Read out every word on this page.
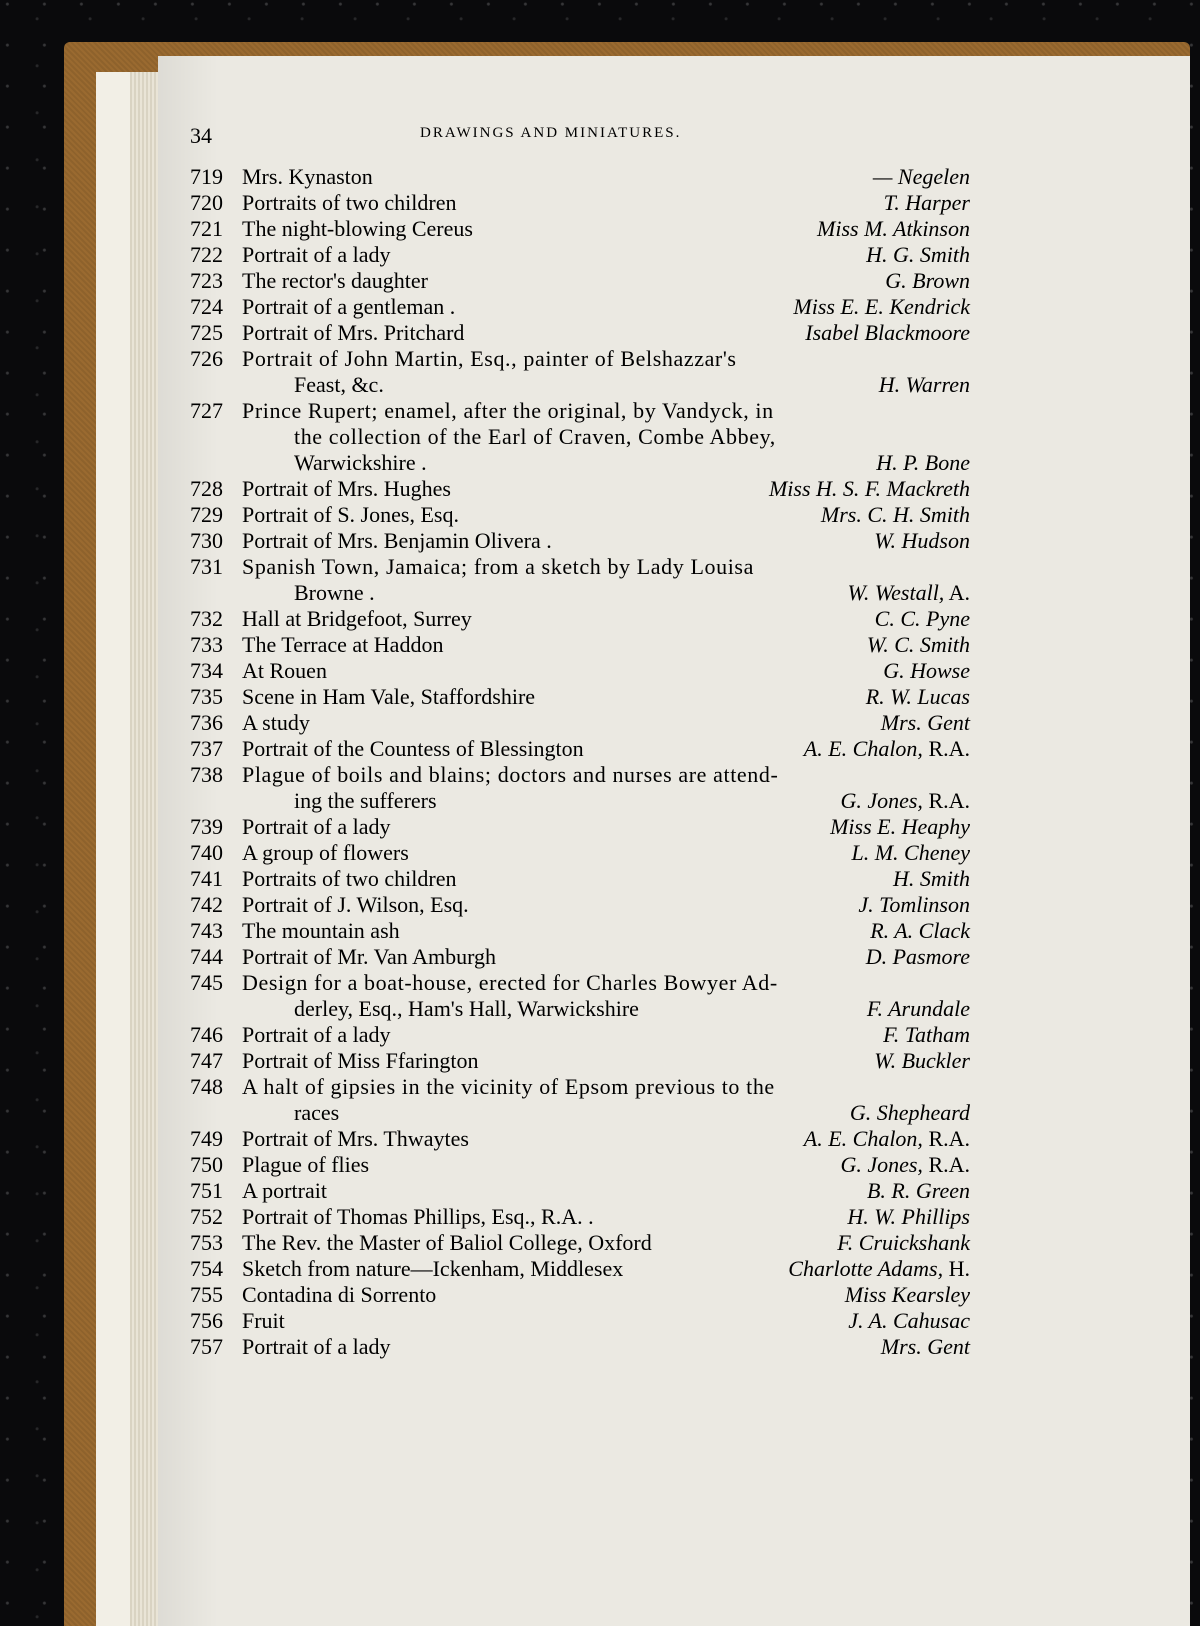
34	DRAWINGS AND MINIATURES.
719 Mrs. Kynaston	— Negelen
720 Portraits of two children	T. Harper
721 The night-blowing Cereus	Miss M. Atkinson
722 Portrait of a lady	H. G. Smith
723 The rector's daughter	G. Brown
724 Portrait of a gentleman .	Miss E. E. Kendrick
725 Portrait of Mrs. Pritchard	Isabel Blackmoore
726 Portrait of John Martin, Esq., painter of Belshazzar's
Feast, &c.	H. Warren
727 Prince Rupert; enamel, after the original, by Vandyck, in
the collection of the Earl of Craven, Combe Abbey,
Warwickshire .	H. P. Bone
728 Portrait of Mrs. Hughes	Miss H. S. F. Mackreth
729 Portrait of S. Jones, Esq.	Mrs. C. H. Smith
730 Portrait of Mrs. Benjamin Olivera .	W. Hudson
731 Spanish Town, Jamaica; from a sketch by Lady Louisa
Browne .	W. Westall, A.
732 Hall at Bridgefoot, Surrey	C. C. Pyne
733 The Terrace at Haddon	W. C. Smith
734 At Rouen	G. Howse
735 Scene in Ham Vale, Staffordshire	R. W. Lucas
736 A study	Mrs. Gent
737 Portrait of the Countess of Blessington	A. E. Chalon, R.A.
738 Plague of boils and blains; doctors and nurses are attend-
ing the sufferers	G. Jones, R.A.
739 Portrait of a lady	Miss E. Heaphy
740 A group of flowers	L. M. Cheney
741 Portraits of two children	H. Smith
742 Portrait of J. Wilson, Esq.	J. Tomlinson
743 The mountain ash	R. A. Clack
744 Portrait of Mr. Van Amburgh	D. Pasmore
745 Design for a boat-house, erected for Charles Bowyer Ad-
derley, Esq., Ham's Hall, Warwickshire	F. Arundale
746 Portrait of a lady	F. Tatham
747 Portrait of Miss Ffarington	W. Buckler
748 A halt of gipsies in the vicinity of Epsom previous to the
races	G. Shepheard
749 Portrait of Mrs. Thwaytes	A. E. Chalon, R.A.
750 Plague of flies	G. Jones, R.A.
751 A portrait	B. R. Green
752 Portrait of Thomas Phillips, Esq., R.A. .	H. W. Phillips
753 The Rev. the Master of Baliol College, Oxford	F. Cruickshank
754 Sketch from nature—Ickenham, Middlesex	Charlotte Adams, H.
755 Contadina di Sorrento	Miss Kearsley
756 Fruit	J. A. Cahusac
757 Portrait of a lady	Mrs. Gent
